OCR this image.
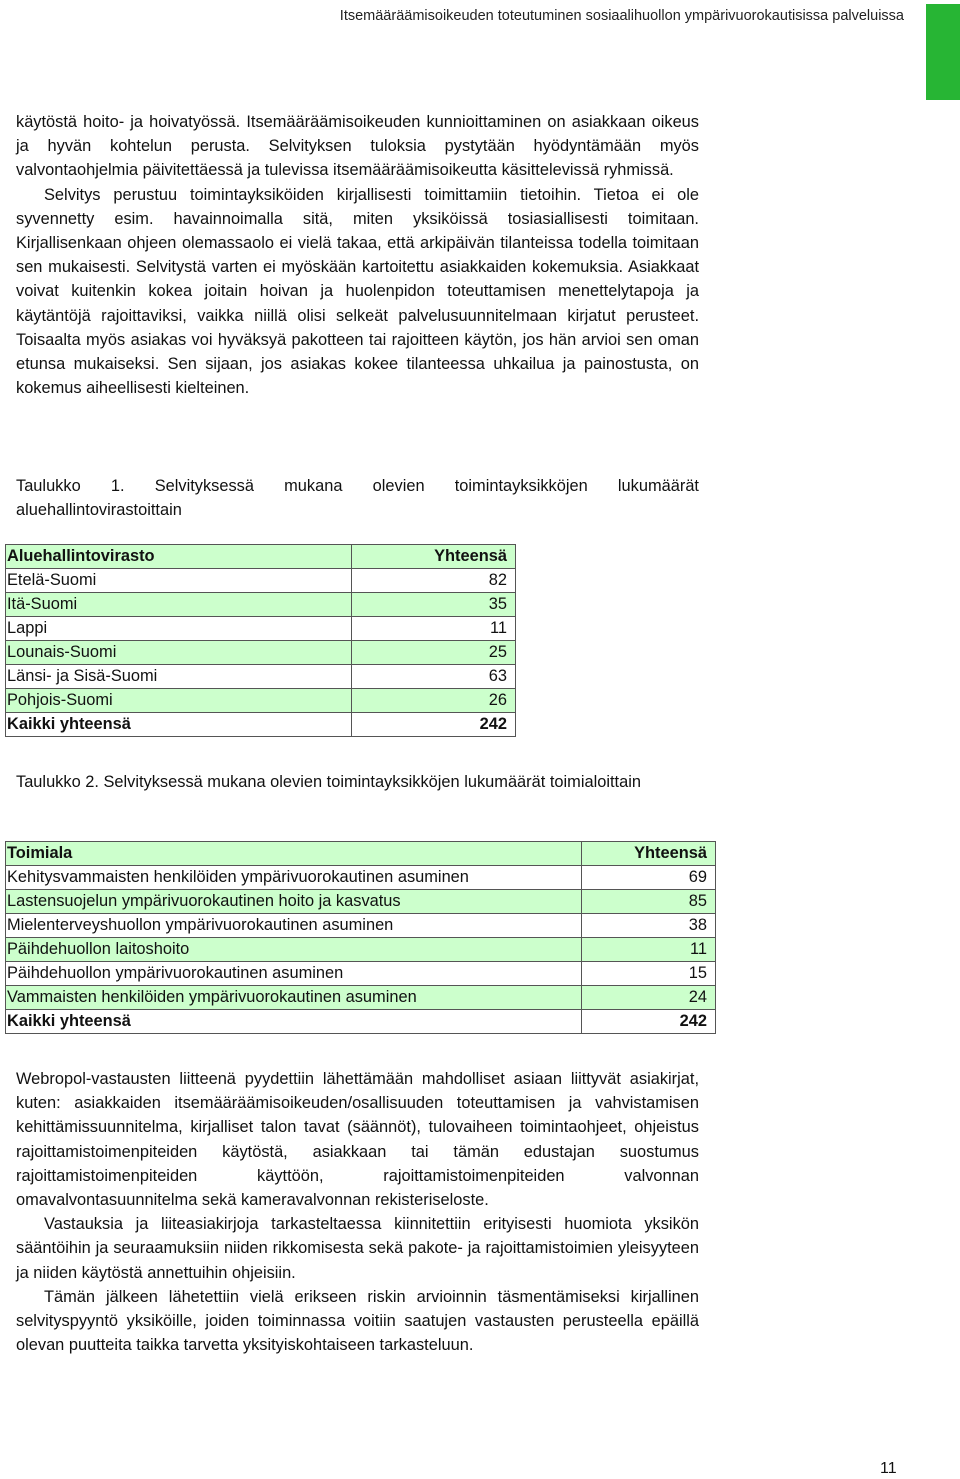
Itsemääräämisoikeuden toteutuminen sosiaalihuollon ympärivuorokautisissa palveluissa

käytöstä hoito- ja hoivatyössä. Itsemääräämisoikeuden kunnioittaminen on asiakkaan oikeus ja hyvän kohtelun perusta. Selvityksen tuloksia pystytään hyödyntämään myös valvontaohjelmia päivitettäessä ja tulevissa itsemääräämisoikeutta käsittelevissä ryhmissä.

Selvitys perustuu toimintayksiköiden kirjallisesti toimittamiin tietoihin. Tietoa ei ole syvennetty esim. havainnoimalla sitä, miten yksiköissä tosiasiallisesti toimitaan. Kirjallisenkaan ohjeen olemassaolo ei vielä takaa, että arkipäivän tilanteissa todella toimitaan sen mukaisesti. Selvitystä varten ei myöskään kartoitettu asiakkaiden kokemuksia. Asiakkaat voivat kuitenkin kokea joitain hoivan ja huolenpidon toteuttamisen menettelytapoja ja käytäntöjä rajoittaviksi, vaikka niillä olisi selkeät palvelusuunnitelmaan kirjatut perusteet. Toisaalta myös asiakas voi hyväksyä pakotteen tai rajoitteen käytön, jos hän arvioi sen oman etunsa mukaiseksi. Sen sijaan, jos asiakas kokee tilanteessa uhkailua ja painostusta, on kokemus aiheellisesti kielteinen.

Taulukko 1. Selvityksessä mukana olevien toimintayksikköjen lukumäärät aluehallintovirastoittain
Aluehallintovirasto	Yhteensä
Etelä-Suomi	82
Itä-Suomi	35
Lappi	11
Lounais-Suomi	25
Länsi- ja Sisä-Suomi	63
Pohjois-Suomi	26
Kaikki yhteensä	242
Taulukko 2. Selvityksessä mukana olevien toimintayksikköjen lukumäärät toimialoittain
Toimiala	Yhteensä
Kehitysvammaisten henkilöiden ympärivuorokautinen asuminen	69
Lastensuojelun ympärivuorokautinen hoito ja kasvatus	85
Mielenterveyshuollon ympärivuorokautinen asuminen	38
Päihdehuollon laitoshoito	11
Päihdehuollon ympärivuorokautinen asuminen	15
Vammaisten henkilöiden ympärivuorokautinen asuminen	24
Kaikki yhteensä	242

Webropol-vastausten liitteenä pyydettiin lähettämään mahdolliset asiaan liittyvät asiakirjat, kuten: asiakkaiden itsemääräämisoikeuden/osallisuuden toteuttamisen ja vahvistamisen kehittämissuunnitelma, kirjalliset talon tavat (säännöt), tulovaiheen toimintaohjeet, ohjeistus rajoittamistoimenpiteiden käytöstä, asiakkaan tai tämän edustajan suostumus rajoittamistoimenpiteiden käyttöön, rajoittamistoimenpiteiden valvonnan omavalvontasuunnitelma sekä kameravalvonnan rekisteriseloste.

Vastauksia ja liiteasiakirjoja tarkasteltaessa kiinnitettiin erityisesti huomiota yksikön sääntöihin ja seuraamuksiin niiden rikkomisesta sekä pakote- ja rajoittamistoimien yleisyyteen ja niiden käytöstä annettuihin ohjeisiin.

Tämän jälkeen lähetettiin vielä erikseen riskin arvioinnin täsmentämiseksi kirjallinen selvityspyyntö yksiköille, joiden toiminnassa voitiin saatujen vastausten perusteella epäillä olevan puutteita taikka tarvetta yksityiskohtaiseen tarkasteluun.

11
